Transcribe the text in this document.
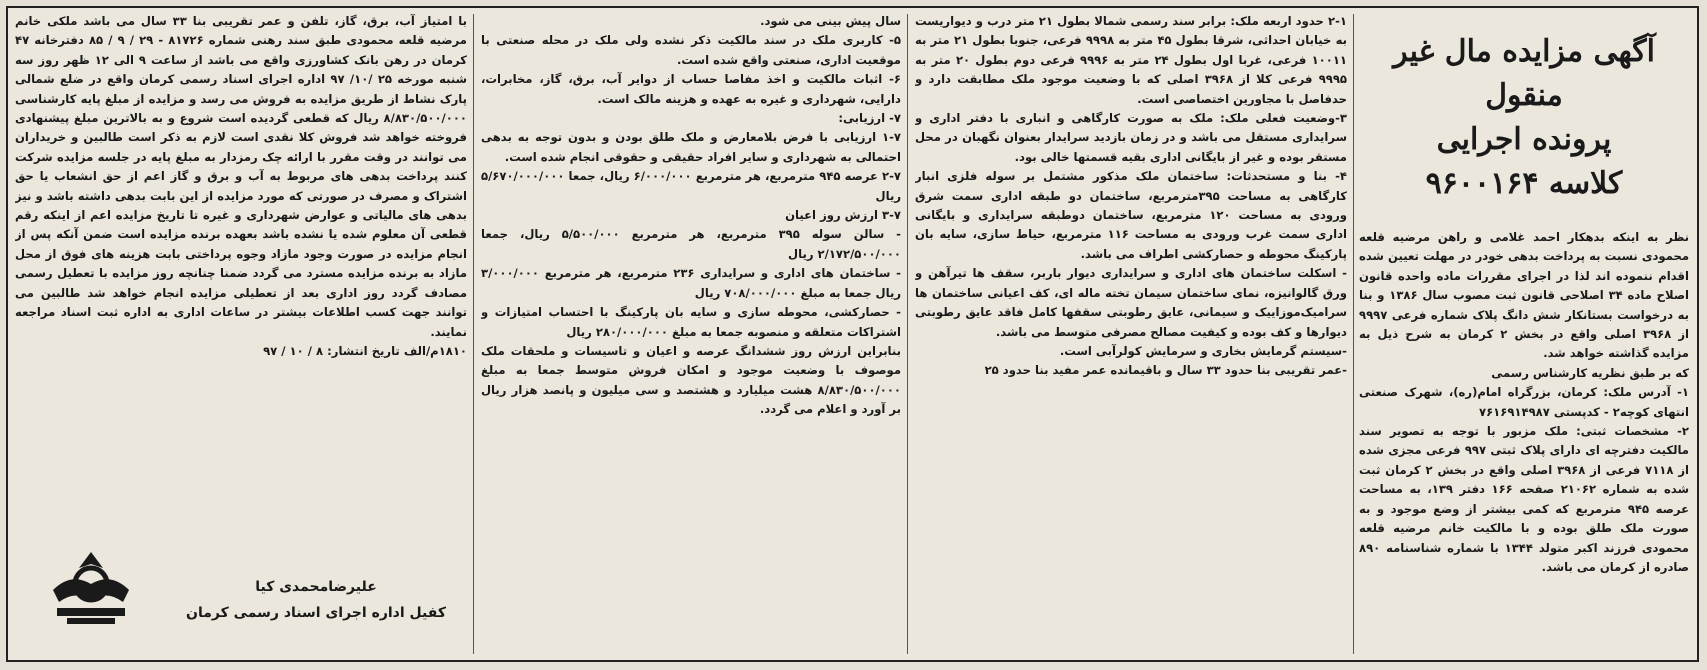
آگهی مزایده مال غیر منقول
پرونده اجرایی
کلاسه ۹۶۰۰۱۶۴

نظر به اینکه بدهکار احمد غلامی و راهن مرضیه قلعه محمودی نسبت به پرداخت بدهی خودر در مهلت تعیین شده اقدام ننموده اند لذا در اجرای مقررات ماده واحده قانون اصلاح ماده ۳۴ اصلاحی قانون ثبت مصوب سال ۱۳۸۶ و بنا به درخواست بستانکار شش دانگ پلاک شماره فرعی ۹۹۹۷ از ۳۹۶۸ اصلی واقع در بخش ۲ کرمان به شرح ذیل به مزایده گذاشته خواهد شد.

که بر طبق نظریه کارشناس رسمی

۱- آدرس ملک: کرمان، بزرگراه امام(ره)، شهرک صنعتی انتهای کوچه۲ - کدپستی ۷۶۱۶۹۱۴۹۸۷

۲- مشخصات ثبتی: ملک مزبور با توجه به تصویر سند مالکیت دفترچه ای دارای پلاک ثبتی ۹۹۷ فرعی مجزی شده از ۷۱۱۸ فرعی از ۳۹۶۸ اصلی واقع در بخش ۲ کرمان ثبت شده به شماره ۲۱۰۶۲ صفحه ۱۶۶ دفتر ۱۳۹، به مساحت عرصه ۹۴۵ مترمربع که کمی بیشتر از وضع موجود و به صورت ملک طلق بوده و با مالکیت خانم مرضیه قلعه محمودی فرزند اکبر متولد ۱۳۴۴ با شماره شناسنامه ۸۹۰ صادره از کرمان می باشد.

۲-۱ حدود اربعه ملک: برابر سند رسمی شمالا بطول ۲۱ متر درب و دیواریست به خیابان احداثی، شرقا بطول ۴۵ متر به ۹۹۹۸ فرعی، جنوبا بطول ۲۱ متر به ۱۰۰۱۱ فرعی، غربا اول بطول ۲۴ متر به ۹۹۹۶ فرعی دوم بطول ۲۰ متر به ۹۹۹۵ فرعی کلا از ۳۹۶۸ اصلی که با وضعیت موجود ملک مطابقت دارد و حدفاصل با مجاورین اختصاصی است.

۳-وضعیت فعلی ملک: ملک به صورت کارگاهی و انباری با دفتر اداری و سرایداری مستقل می باشد و در زمان بازدید سرایدار بعنوان نگهبان در محل مستقر بوده و غیر از بایگانی اداری بقیه قسمتها خالی بود.

۴- بنا و مستحدثات: ساختمان ملک مذکور مشتمل بر سوله فلزی انبار کارگاهی به مساحت ۳۹۵مترمربع، ساختمان دو طبقه اداری سمت شرق ورودی به مساحت ۱۲۰ مترمربع، ساختمان دوطبقه سرایداری و بایگانی اداری سمت غرب ورودی به مساحت ۱۱۶ مترمربع، حیاط سازی، سایه بان پارکینگ محوطه و حصارکشی اطراف می باشد.

- اسکلت ساختمان های اداری و سرایداری دیوار باربر، سقف ها تیرآهن و ورق گالوانیزه، نمای ساختمان سیمان تخته ماله ای، کف اعیانی ساختمان ها سرامیک‌موزاییک و سیمانی، عایق رطوبتی سقفها کامل فاقد عایق رطوبتی دیوارها و کف بوده و کیفیت مصالح مصرفی متوسط می باشد.

-سیستم گرمایش بخاری و سرمایش کولرآبی است.

-عمر تقریبی بنا حدود ۳۳ سال و باقیمانده عمر مفید بنا حدود ۲۵

سال پیش بینی می شود.

۵- کاربری ملک در سند مالکیت ذکر نشده ولی ملک در محله صنعتی با موقعیت اداری، صنعتی واقع شده است.

۶- اثبات مالکیت و اخذ مفاصا حساب از دوایر آب، برق، گاز، مخابرات، دارایی، شهرداری و غیره به عهده و هزینه مالک است.

۷- ارزیابی:

۱-۷ ارزیابی با فرض بلامعارض و ملک طلق بودن و بدون توجه به بدهی احتمالی به شهرداری و سایر افراد حقیقی و حقوقی انجام شده است.

۲-۷ عرصه ۹۴۵ مترمربع، هر مترمربع ۶/۰۰۰/۰۰۰ ریال، جمعا ۵/۶۷۰/۰۰۰/۰۰۰ ریال

۳-۷ ارزش روز اعیان

- سالن سوله ۳۹۵ مترمربع، هر مترمربع ۵/۵۰۰/۰۰۰ ریال، جمعا ۲/۱۷۲/۵۰۰/۰۰۰ ریال

- ساختمان های اداری و سرایداری ۲۳۶ مترمربع، هر مترمربع ۳/۰۰۰/۰۰۰ ریال جمعا به مبلغ ۷۰۸/۰۰۰/۰۰۰ ریال

- حصارکشی، محوطه سازی و سایه بان پارکینگ با احتساب امتیازات و اشتراکات متعلقه و منصوبه جمعا به مبلغ ۲۸۰/۰۰۰/۰۰۰ ریال

بنابراین ارزش روز ششدانگ عرصه و اعیان و تاسیسات و ملحقات ملک موصوف با وضعیت موجود و امکان فروش متوسط جمعا به مبلغ ۸/۸۳۰/۵۰۰/۰۰۰ هشت میلیارد و هشتصد و سی میلیون و پانصد هزار ریال بر آورد و اعلام می گردد.

با امتیاز آب، برق، گاز، تلفن و عمر تقریبی بنا ۳۳ سال می باشد ملکی خانم مرضیه قلعه محمودی طبق سند رهنی شماره ۸۱۷۲۶ - ۲۹ / ۹ / ۸۵ دفترخانه ۴۷ کرمان در رهن بانک کشاورزی واقع می باشد از ساعت ۹ الی ۱۲ ظهر روز سه شنبه مورخه ۲۵ /۱۰/ ۹۷ اداره اجرای اسناد رسمی کرمان واقع در ضلع شمالی پارک نشاط از طریق مزایده به فروش می رسد و مزایده از مبلغ پایه کارشناسی ۸/۸۳۰/۵۰۰/۰۰۰ ریال که قطعی گردیده است شروع و به بالاترین مبلغ پیشنهادی فروخته خواهد شد فروش کلا نقدی است لازم به ذکر است طالبین و خریداران می توانند در وقت مقرر با ارائه چک رمزدار به مبلغ پایه در جلسه مزایده شرکت کنند پرداخت بدهی های مربوط به آب و برق و گاز اعم از حق انشعاب یا حق اشتراک و مصرف در صورتی که مورد مزایده از این بابت بدهی داشته باشد و نیز بدهی های مالیاتی و عوارض شهرداری و غیره تا تاریخ مزایده اعم از اینکه رقم قطعی آن معلوم شده یا نشده باشد بعهده برنده مزایده است ضمن آنکه پس از انجام مزایده در صورت وجود مازاد وجوه پرداختی بابت هزینه های فوق از محل مازاد به برنده مزایده مسترد می گردد ضمنا چنانچه روز مزایده با تعطیل رسمی مصادف گردد روز اداری بعد از تعطیلی مزایده انجام خواهد شد طالبین می توانند جهت کسب اطلاعات بیشتر در ساعات اداری به اداره ثبت اسناد مراجعه نمایند.

۱۸۱۰م/الف تاریخ انتشار: ۸ / ۱۰ / ۹۷

علیرضامحمدی کیا
کفیل اداره اجرای اسناد رسمی کرمان
